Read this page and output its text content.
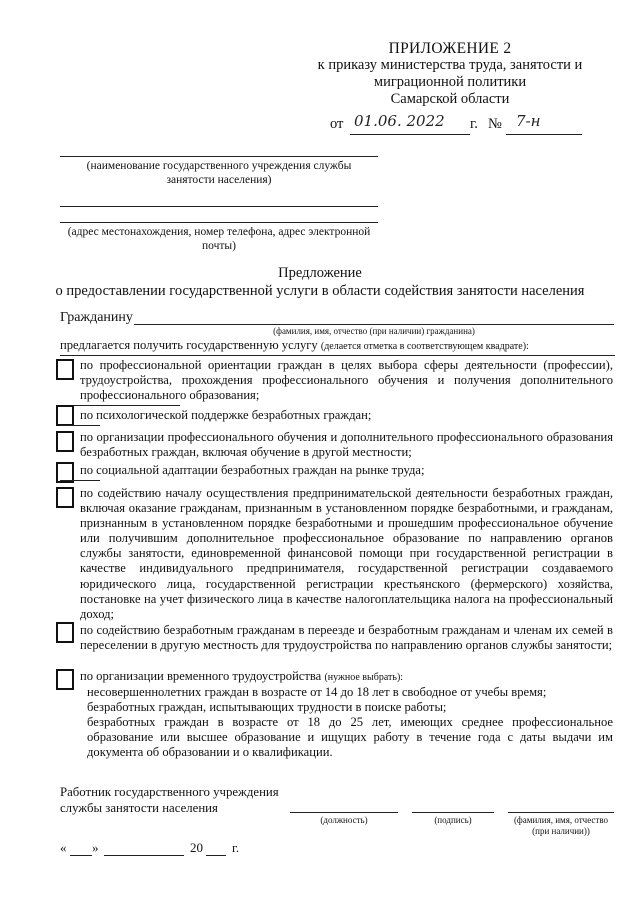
ПРИЛОЖЕНИЕ 2
к приказу министерства труда, занятости и
миграционной политики
Самарской области
от 01.06. 2022 г. № 7-н
(наименование государственного учреждения службы
занятости населения)
(адрес местонахождения, номер телефона, адрес электронной
почты)
Предложение
о предоставлении государственной услуги в области содействия занятости населения
Гражданину
(фамилия, имя, отчество (при наличии) гражданина)
предлагается получить государственную услугу (делается отметка в соответствующем квадрате):
по профессиональной ориентации граждан в целях выбора сферы деятельности (профессии), трудоустройства, прохождения профессионального обучения и получения дополнительного профессионального образования;
по психологической поддержке безработных граждан;
по организации профессионального обучения и дополнительного профессионального образования безработных граждан, включая обучение в другой местности;
по социальной адаптации безработных граждан на рынке труда;
по содействию началу осуществления предпринимательской деятельности безработных граждан, включая оказание гражданам, признанным в установленном порядке безработными, и гражданам, признанным в установленном порядке безработными и прошедшим профессиональное обучение или получившим дополнительное профессиональное образование по направлению органов службы занятости, единовременной финансовой помощи при государственной регистрации в качестве индивидуального предпринимателя, государственной регистрации создаваемого юридического лица, государственной регистрации крестьянского (фермерского) хозяйства, постановке на учет физического лица в качестве налогоплательщика налога на профессиональный доход;
по содействию безработным гражданам в переезде и безработным гражданам и членам их семей в переселении в другую местность для трудоустройства по направлению органов службы занятости;
по организации временного трудоустройства (нужное выбрать):
несовершеннолетних граждан в возрасте от 14 до 18 лет в свободное от учебы время;
безработных граждан, испытывающих трудности в поиске работы;
безработных граждан в возрасте от 18 до 25 лет, имеющих среднее профессиональное образование или высшее образование и ищущих работу в течение года с даты выдачи им документа об образовании и о квалификации.
Работник государственного учреждения
службы занятости населения
(должность)	(подпись)	(фамилия, имя, отчество
(при наличии))
« »	20 г.
